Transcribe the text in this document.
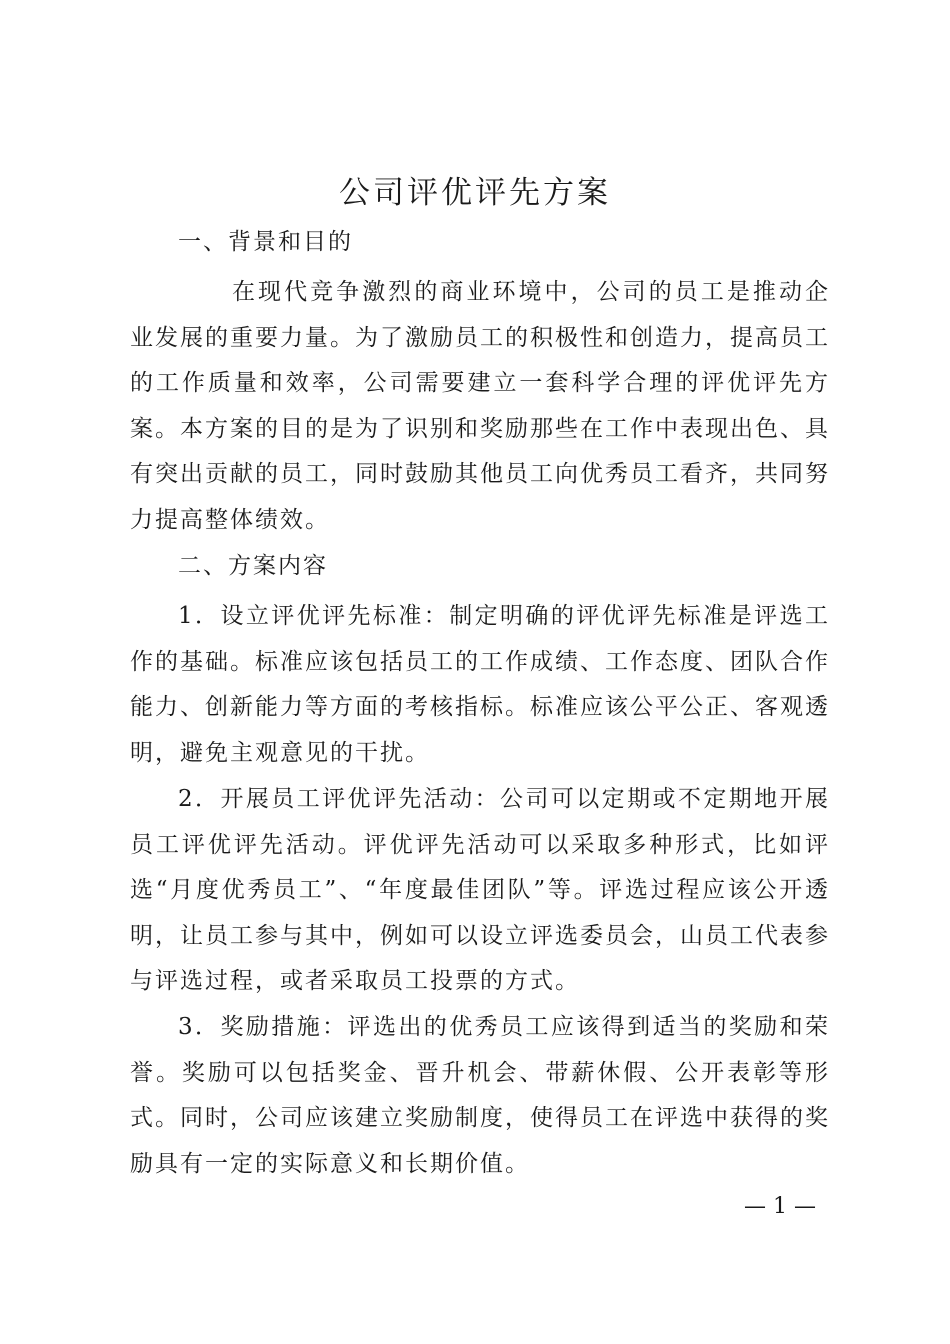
公司评优评先方案
一、背景和目的
在现代竞争激烈的商业环境中，公司的员工是推动企业发展的重要力量。为了激励员工的积极性和创造力，提高员工的工作质量和效率，公司需要建立一套科学合理的评优评先方案。本方案的目的是为了识别和奖励那些在工作中表现出色、具有突出贡献的员工，同时鼓励其他员工向优秀员工看齐，共同努力提高整体绩效。
二、方案内容
1．设立评优评先标准：制定明确的评优评先标准是评选工作的基础。标准应该包括员工的工作成绩、工作态度、团队合作能力、创新能力等方面的考核指标。标准应该公平公正、客观透明，避免主观意见的干扰。
2．开展员工评优评先活动：公司可以定期或不定期地开展员工评优评先活动。评优评先活动可以采取多种形式，比如评选“月度优秀员工”、“年度最佳团队”等。评选过程应该公开透明，让员工参与其中，例如可以设立评选委员会，山员工代表参与评选过程，或者采取员工投票的方式。
3．奖励措施：评选出的优秀员工应该得到适当的奖励和荣誉。奖励可以包括奖金、晋升机会、带薪休假、公开表彰等形式。同时，公司应该建立奖励制度，使得员工在评选中获得的奖励具有一定的实际意义和长期价值。
— 1 —
